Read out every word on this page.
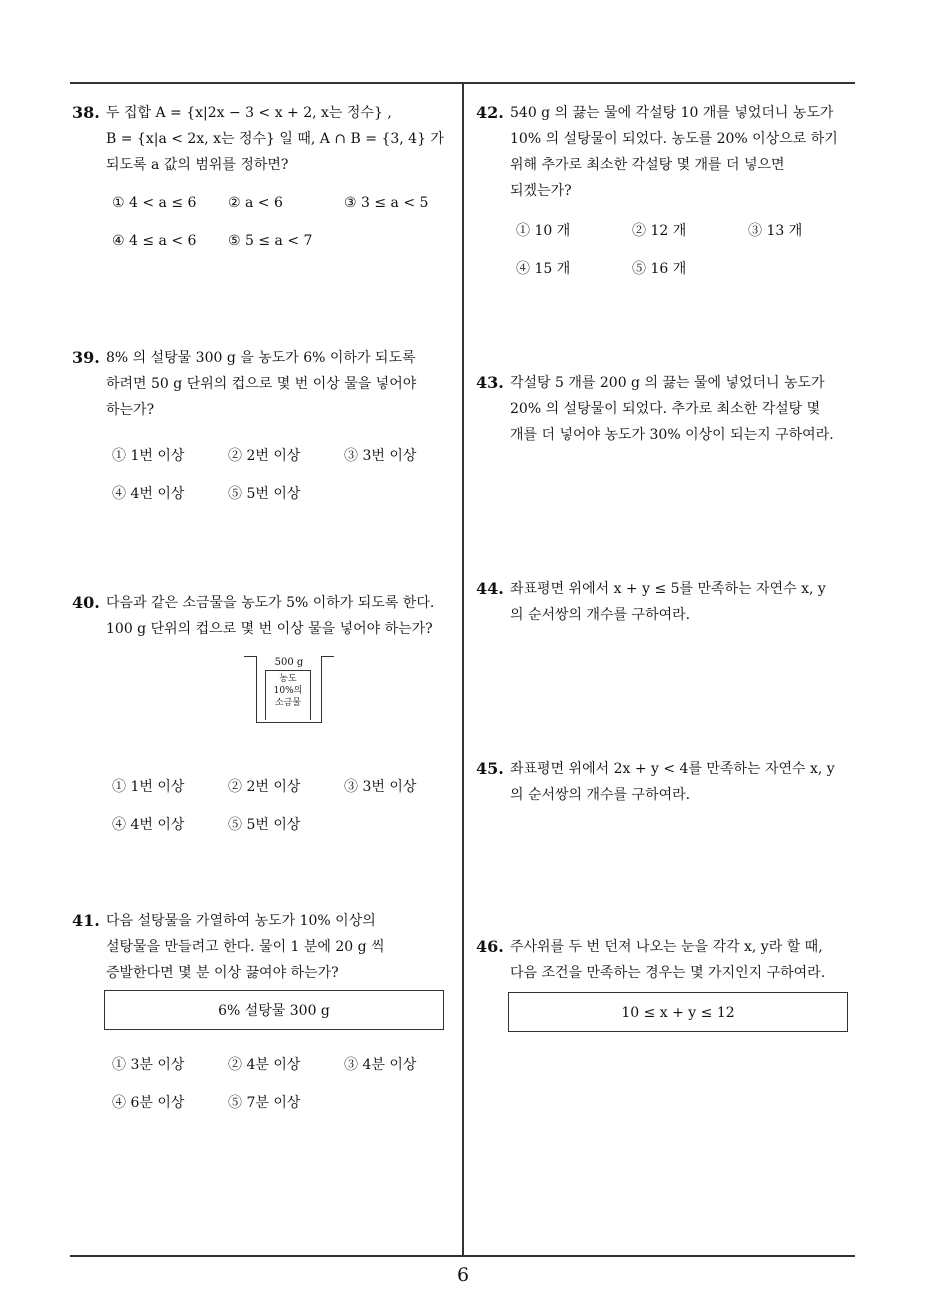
38. 두 집합 A = {x|2x − 3 < x + 2, x는 정수} ,
B = {x|a < 2x, x는 정수} 일 때, A ∩ B = {3, 4} 가
되도록 a 값의 범위를 정하면?
① 4 < a ≤ 6 ② a < 6	③ 3 ≤ a < 5
④ 4 ≤ a < 6 ⑤ 5 ≤ a < 7
39. 8% 의 설탕물 300 g 을 농도가 6% 이하가 되도록
하려면 50 g 단위의 컵으로 몇 번 이상 물을 넣어야
하는가?
① 1번 이상	② 2번 이상	③ 3번 이상
④ 4번 이상	⑤ 5번 이상
40. 다음과 같은 소금물을 농도가 5% 이하가 되도록 한다.
100 g 단위의 컵으로 몇 번 이상 물을 넣어야 하는가?
500 g
농도
10%의
소금물
① 1번 이상	② 2번 이상	③ 3번 이상
④ 4번 이상	⑤ 5번 이상
41. 다음 설탕물을 가열하여 농도가 10% 이상의
설탕물을 만들려고 한다. 물이 1 분에 20 g 씩
증발한다면 몇 분 이상 끓여야 하는가?
6% 설탕물 300 g
① 3분 이상	② 4분 이상	③ 4분 이상
④ 6분 이상	⑤ 7분 이상
42. 540 g 의 끓는 물에 각설탕 10 개를 넣었더니 농도가
10% 의 설탕물이 되었다. 농도를 20% 이상으로 하기
위해 추가로 최소한 각설탕 몇 개를 더 넣으면
되겠는가?
① 10 개	② 12 개	③ 13 개
④ 15 개	⑤ 16 개
43. 각설탕 5 개를 200 g 의 끓는 물에 넣었더니 농도가
20% 의 설탕물이 되었다. 추가로 최소한 각설탕 몇
개를 더 넣어야 농도가 30% 이상이 되는지 구하여라.
44. 좌표평면 위에서 x + y ≤ 5를 만족하는 자연수 x, y
의 순서쌍의 개수를 구하여라.
45. 좌표평면 위에서 2x + y < 4를 만족하는 자연수 x, y
의 순서쌍의 개수를 구하여라.
46. 주사위를 두 번 던져 나오는 눈을 각각 x, y라 할 때,
다음 조건을 만족하는 경우는 몇 가지인지 구하여라.
10 ≤ x + y ≤ 12
6
